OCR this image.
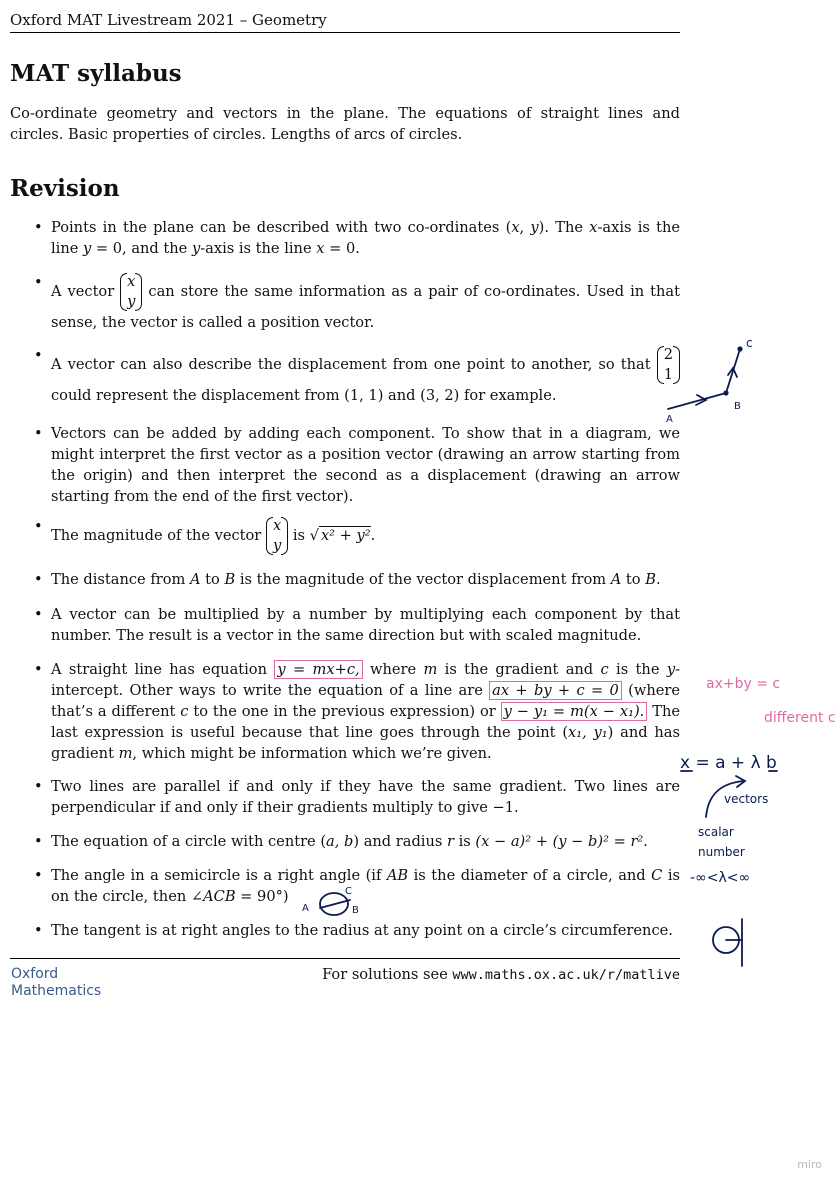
Oxford MAT Livestream 2021 – Geometry
MAT syllabus

Co-ordinate geometry and vectors in the plane. The equations of straight lines and circles. Basic properties of circles. Lengths of arcs of circles.

Revision
• Points in the plane can be described with two co-ordinates (x, y). The x-axis is the line y = 0, and the y-axis is the line x = 0.
• A vector
x
y
can store the same information as a pair of co-ordinates. Used in that sense, the vector is called a position vector.
• A vector can also describe the displacement from one point to another, so that
2
1
could represent the displacement from (1, 1) and (3, 2) for example.
• Vectors can be added by adding each component. To show that in a diagram, we might interpret the first vector as a position vector (drawing an arrow starting from the origin) and then interpret the second as a displacement (drawing an arrow starting from the end of the first vector).
• The magnitude of the vector
x
y
is √ x² + y².
• The distance from A to B is the magnitude of the vector displacement from A to B.
• A vector can be multiplied by a number by multiplying each component by that number. The result is a vector in the same direction but with scaled magnitude.
• A straight line has equation y = mx+c, where m is the gradient and c is the y-intercept. Other ways to write the equation of a line are ax + by + c = 0 (where that’s a different c to the one in the previous expression) or y − y₁ = m(x − x₁). The last expression is useful because that line goes through the point (x₁, y₁) and has gradient m, which might be information which we’re given.
• Two lines are parallel if and only if they have the same gradient. Two lines are perpendicular if and only if their gradients multiply to give −1.
• The equation of a circle with centre (a, b) and radius r is (x − a)² + (y − b)² = r².
• The angle in a semicircle is a right angle (if AB is the diameter of a circle, and C is on the circle, then ∠ACB = 90°)
• The tangent is at right angles to the radius at any point on a circle’s circumference.
Oxford
Mathematics
For solutions see www.maths.ox.ac.uk/r/matlive
miro
c
A
B
x = a + λ b
vectors
scalar
number
-∞<λ<∞
A	B
C
ax+by = c
different c
